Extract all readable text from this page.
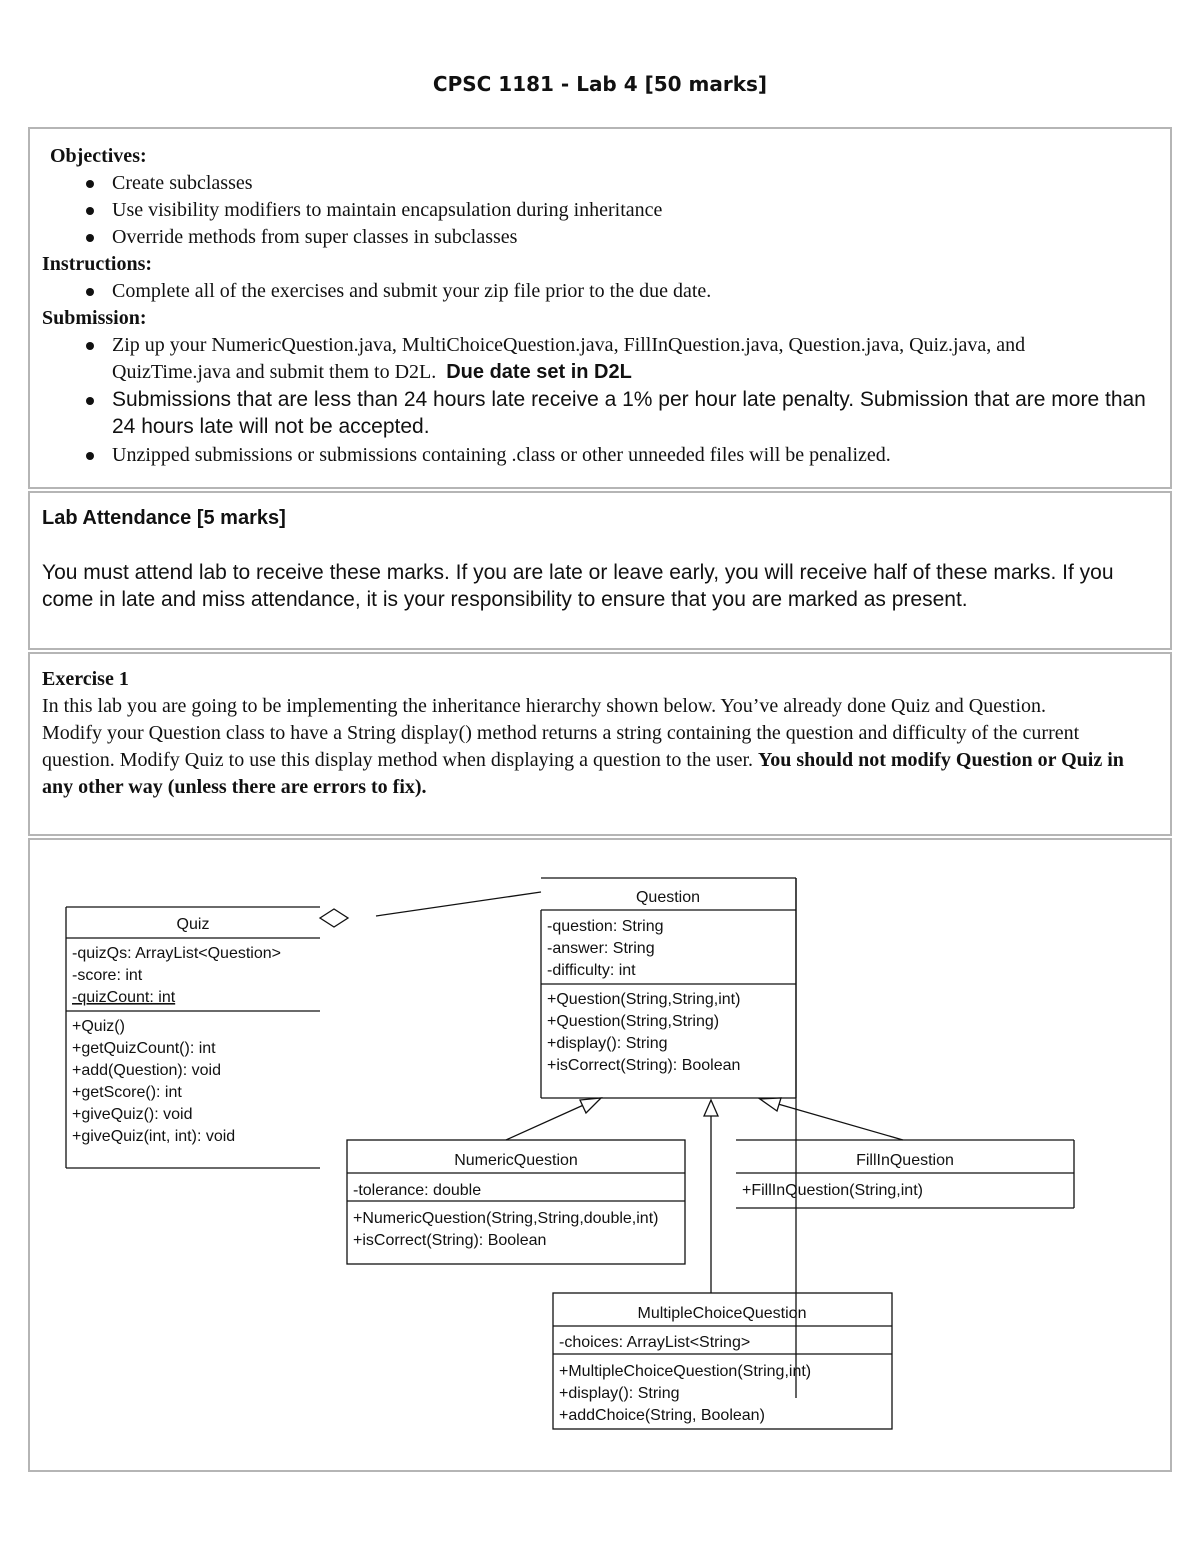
CPSC 1181 - Lab 4 [50 marks]
Objectives:
Create subclasses
Use visibility modifiers to maintain encapsulation during inheritance
Override methods from super classes in subclasses
Instructions:
Complete all of the exercises and submit your zip file prior to the due date.
Submission:
Zip up your NumericQuestion.java, MultiChoiceQuestion.java, FillInQuestion.java, Question.java, Quiz.java, and QuizTime.java and submit them to D2L. Due date set in D2L
Submissions that are less than 24 hours late receive a 1% per hour late penalty. Submission that are more than 24 hours late will not be accepted.
Unzipped submissions or submissions containing .class or other unneeded files will be penalized.
Lab Attendance [5 marks]
You must attend lab to receive these marks. If you are late or leave early, you will receive half of these marks. If you come in late and miss attendance, it is your responsibility to ensure that you are marked as present.
Exercise 1
In this lab you are going to be implementing the inheritance hierarchy shown below. You’ve already done Quiz and Question.
Modify your Question class to have a String display() method returns a string containing the question and difficulty of the current question. Modify Quiz to use this display method when displaying a question to the user. You should not modify Question or Quiz in any other way (unless there are errors to fix).
Quiz
-quizQs: ArrayList<Question>
-score: int
-quizCount: int
+Quiz()
+getQuizCount(): int
+add(Question): void
+getScore(): int
+giveQuiz(): void
+giveQuiz(int, int): void
Question
-question: String
-answer: String
-difficulty: int
+Question(String,String,int)
+Question(String,String)
+display(): String
+isCorrect(String): Boolean
NumericQuestion
-tolerance: double
+NumericQuestion(String,String,double,int)
+isCorrect(String): Boolean
FillInQuestion
+FillInQuestion(String,int)
MultipleChoiceQuestion
-choices: ArrayList<String>
+MultipleChoiceQuestion(String,int)
+display(): String
+addChoice(String, Boolean)
